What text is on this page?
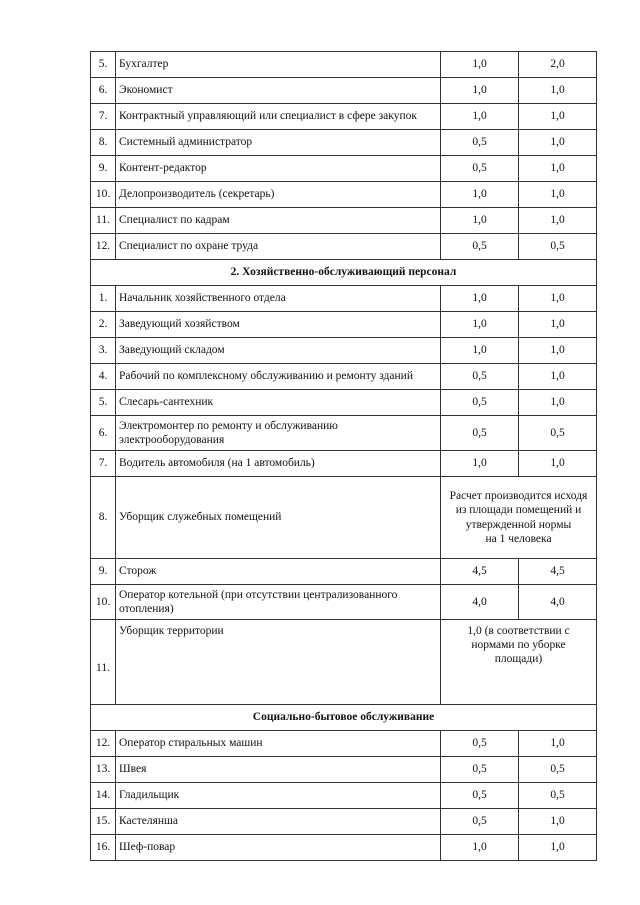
5.	Бухгалтер	1,0	2,0
6.	Экономист	1,0	1,0
7.	Контрактный управляющий или специалист в сфере закупок	1,0	1,0
8.	Системный администратор	0,5	1,0
9.	Контент-редактор	0,5	1,0
10.	Делопроизводитель (секретарь)	1,0	1,0
11.	Специалист по кадрам	1,0	1,0
12.	Специалист по охране труда	0,5	0,5
2. Хозяйственно-обслуживающий персонал			
1.	Начальник хозяйственного отдела	1,0	1,0
2.	Заведующий хозяйством	1,0	1,0
3.	Заведующий складом	1,0	1,0
4.	Рабочий по комплексному обслуживанию и ремонту зданий	0,5	1,0
5.	Слесарь-сантехник	0,5	1,0
6.	Электромонтер по ремонту и обслуживанию электрооборудования	0,5	0,5
7.	Водитель автомобиля (на 1 автомобиль)	1,0	1,0
8.	Уборщик служебных помещений	Расчет производится исходя
из площади помещений и
утвержденной нормы
на 1 человека	

9.	Сторож	4,5	4,5
10.	Оператор котельной (при отсутствии централизованного отопления)	4,0	4,0
11.	Уборщик территории	1,0 (в соответствии с
нормами по уборке
площади)	

Социально-бытовое обслуживание			
12.	Оператор стиральных машин	0,5	1,0
13.	Швея	0,5	0,5
14.	Гладильщик	0,5	0,5
15.	Кастелянша	0,5	1,0
16.	Шеф-повар	1,0	1,0
